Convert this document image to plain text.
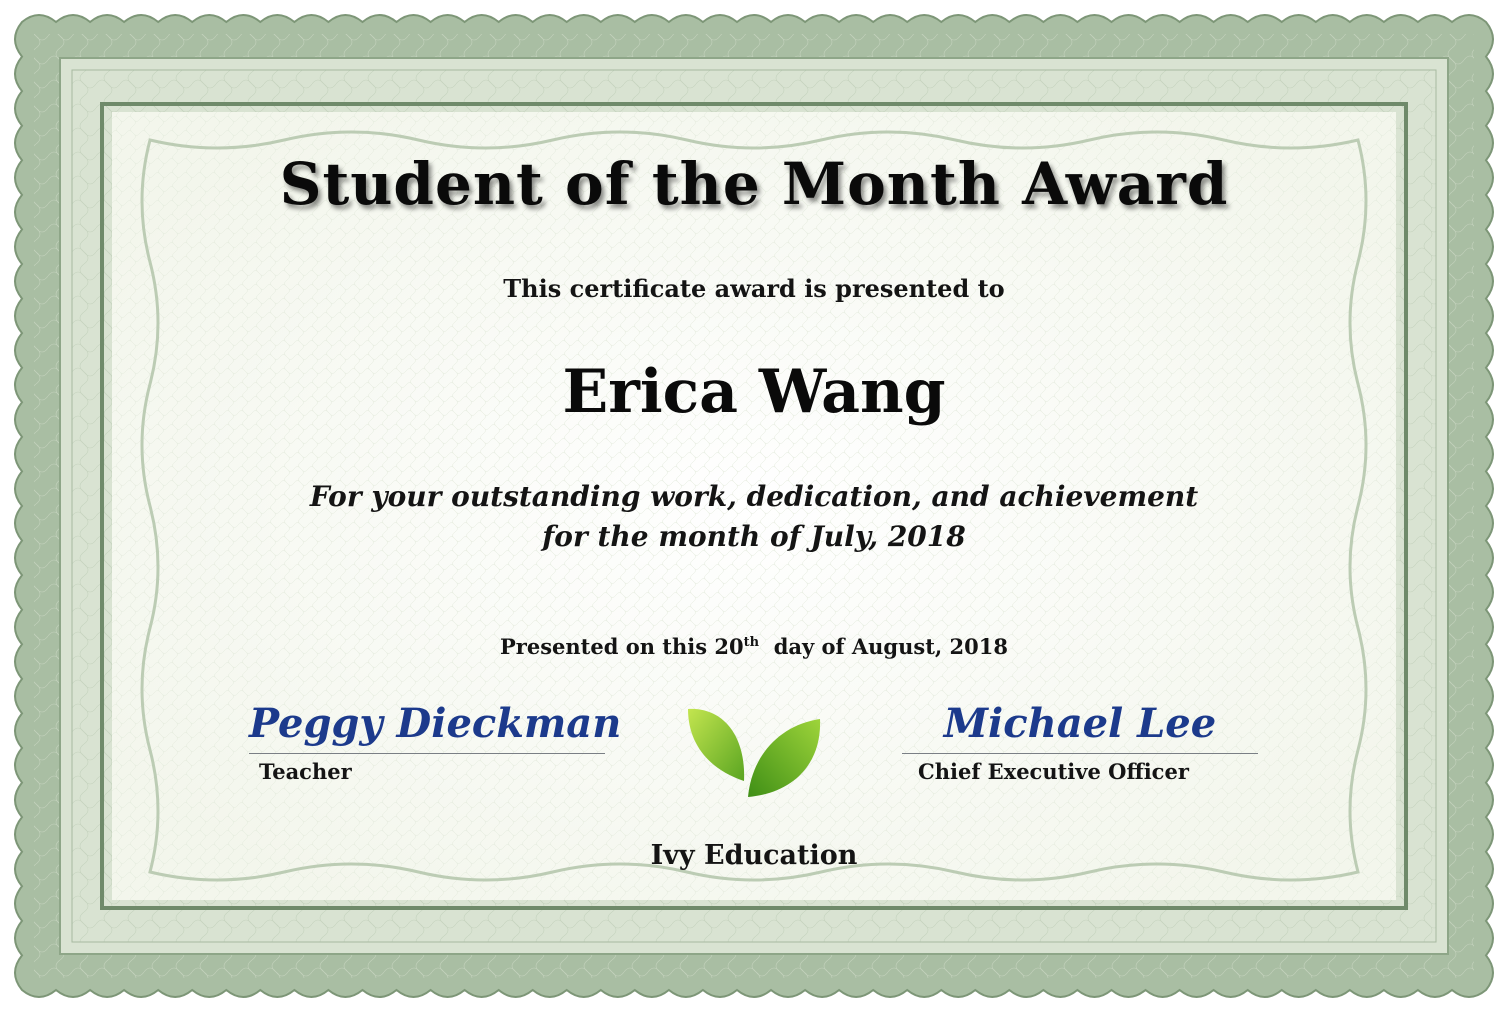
Student of the Month Award
This certificate award is presented to
Erica Wang
For your outstanding work, dedication, and achievement
for the month of July, 2018
Presented on this 20th day of August, 2018
Peggy Dieckman
Teacher
Michael Lee
Chief Executive Officer
Ivy Education
